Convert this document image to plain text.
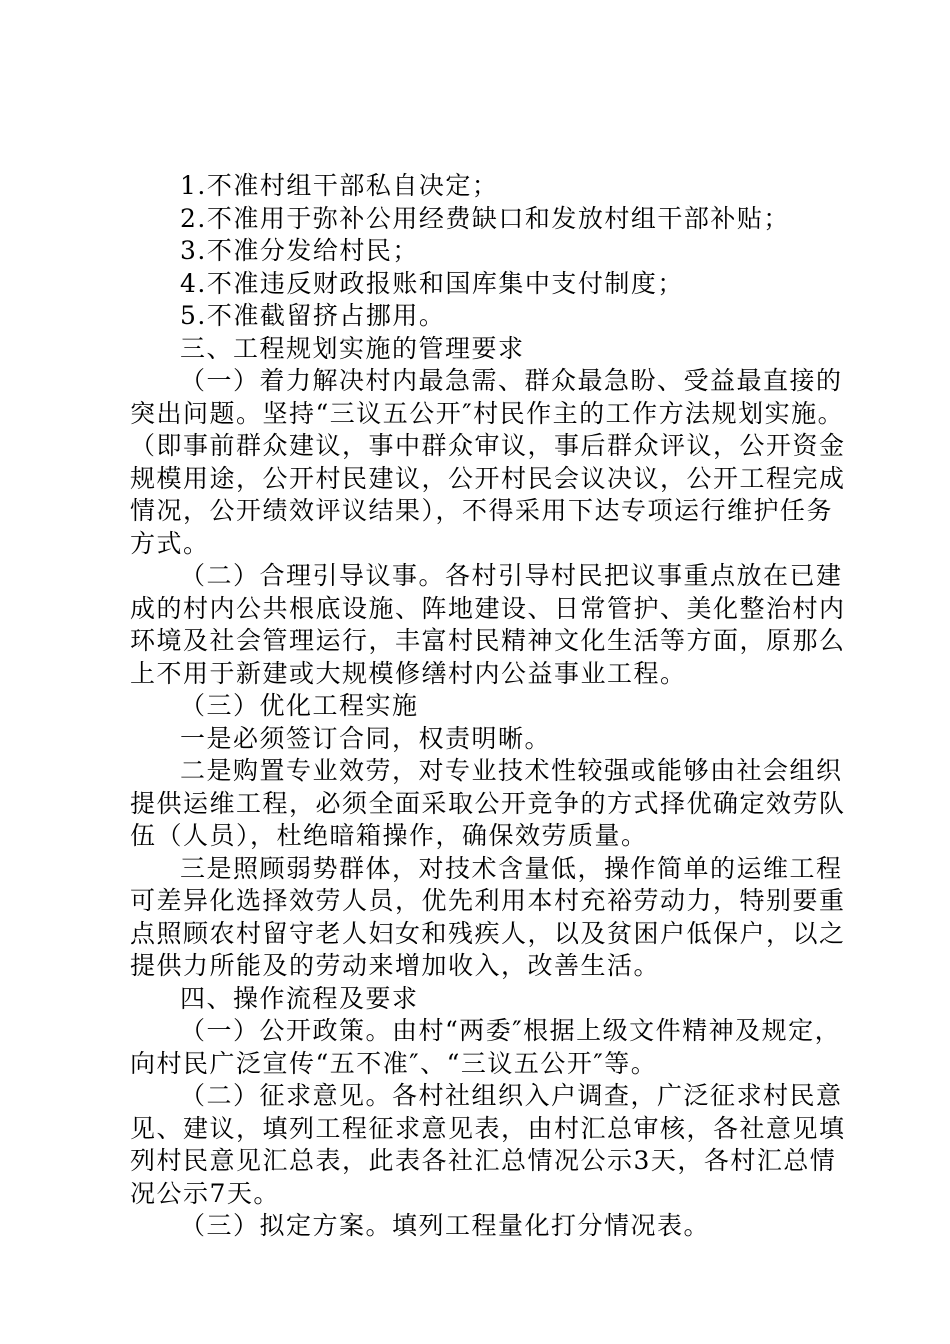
1.不准村组干部私自决定；
2.不准用于弥补公用经费缺口和发放村组干部补贴；
3.不准分发给村民；
4.不准违反财政报账和国库集中支付制度；
5.不准截留挤占挪用。
三、工程规划实施的管理要求
（一）着力解决村内最急需、群众最急盼、受益最直接的
突出问题。坚持“三议五公开″村民作主的工作方法规划实施。
（即事前群众建议，事中群众审议，事后群众评议，公开资金
规模用途，公开村民建议，公开村民会议决议，公开工程完成
情况，公开绩效评议结果），不得采用下达专项运行维护任务
方式。
（二）合理引导议事。各村引导村民把议事重点放在已建
成的村内公共根底设施、阵地建设、日常管护、美化整治村内
环境及社会管理运行，丰富村民精神文化生活等方面，原那么
上不用于新建或大规模修缮村内公益事业工程。
（三）优化工程实施
一是必须签订合同，权责明晰。
二是购置专业效劳，对专业技术性较强或能够由社会组织
提供运维工程，必须全面采取公开竞争的方式择优确定效劳队
伍（人员），杜绝暗箱操作，确保效劳质量。
三是照顾弱势群体，对技术含量低，操作简单的运维工程
可差异化选择效劳人员，优先利用本村充裕劳动力，特别要重
点照顾农村留守老人妇女和残疾人，以及贫困户低保户，以之
提供力所能及的劳动来增加收入，改善生活。
四、操作流程及要求
（一）公开政策。由村“两委″根据上级文件精神及规定，
向村民广泛宣传“五不准″、“三议五公开″等。
（二）征求意见。各村社组织入户调查，广泛征求村民意
见、建议，填列工程征求意见表，由村汇总审核，各社意见填
列村民意见汇总表，此表各社汇总情况公示3天，各村汇总情
况公示7天。
（三）拟定方案。填列工程量化打分情况表。
